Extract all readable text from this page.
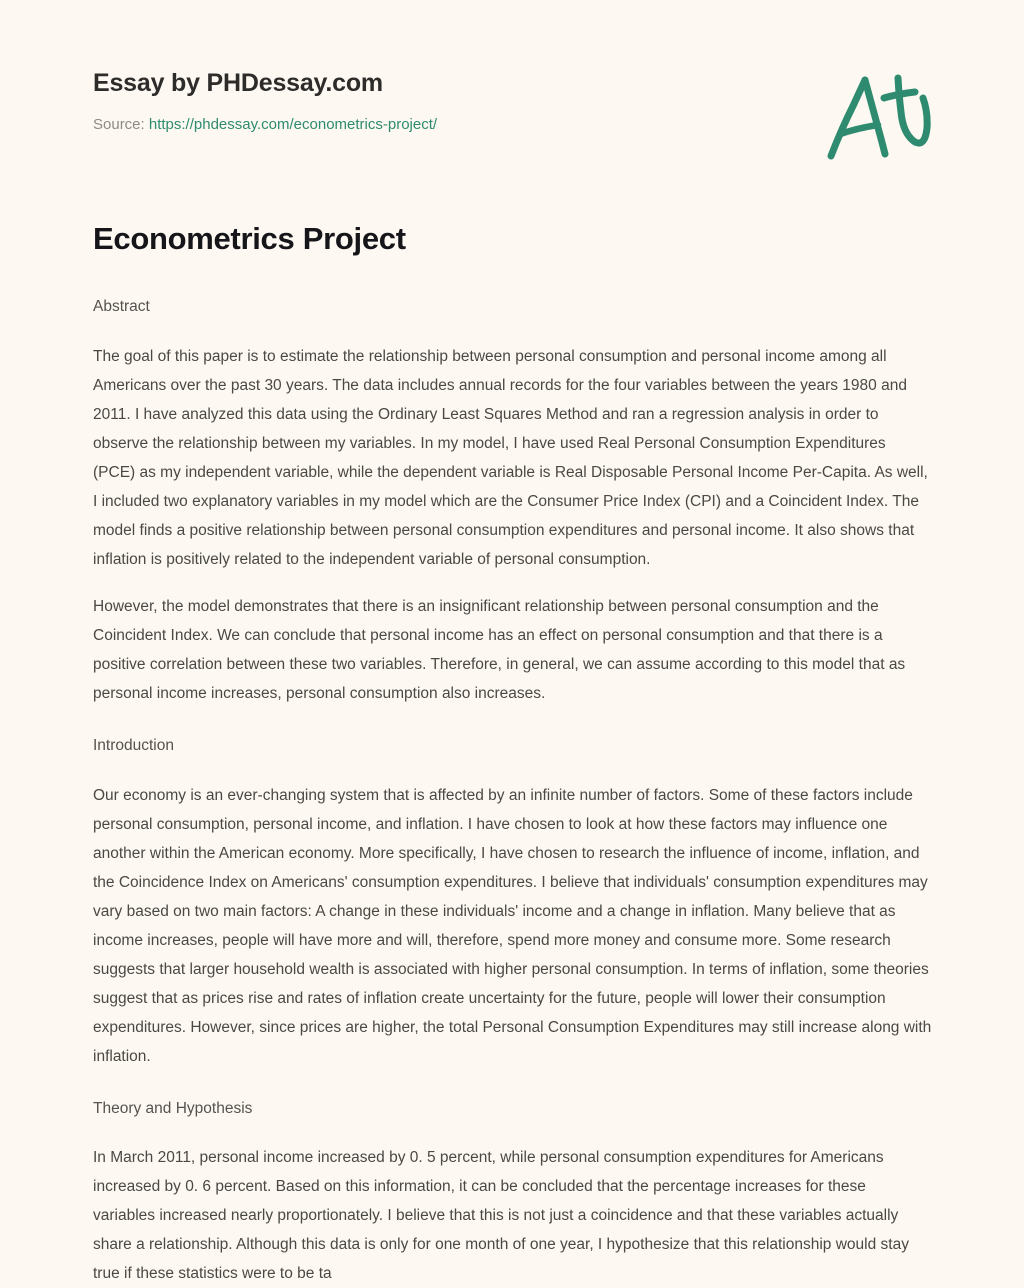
Essay by PHDessay.com
Source: https://phdessay.com/econometrics-project/
Econometrics Project
Abstract

The goal of this paper is to estimate the relationship between personal consumption and personal income among all Americans over the past 30 years. The data includes annual records for the four variables between the years 1980 and 2011. I have analyzed this data using the Ordinary Least Squares Method and ran a regression analysis in order to observe the relationship between my variables. In my model, I have used Real Personal Consumption Expenditures (PCE) as my independent variable, while the dependent variable is Real Disposable Personal Income Per-Capita. As well, I included two explanatory variables in my model which are the Consumer Price Index (CPI) and a Coincident Index. The model finds a positive relationship between personal consumption expenditures and personal income. It also shows that inflation is positively related to the independent variable of personal consumption.

However, the model demonstrates that there is an insignificant relationship between personal consumption and the Coincident Index. We can conclude that personal income has an effect on personal consumption and that there is a positive correlation between these two variables. Therefore, in general, we can assume according to this model that as personal income increases, personal consumption also increases.

Introduction

Our economy is an ever-changing system that is affected by an infinite number of factors. Some of these factors include personal consumption, personal income, and inflation. I have chosen to look at how these factors may influence one another within the American economy. More specifically, I have chosen to research the influence of income, inflation, and the Coincidence Index on Americans' consumption expenditures. I believe that individuals' consumption expenditures may vary based on two main factors: A change in these individuals' income and a change in inflation. Many believe that as income increases, people will have more and will, therefore, spend more money and consume more. Some research suggests that larger household wealth is associated with higher personal consumption. In terms of inflation, some theories suggest that as prices rise and rates of inflation create uncertainty for the future, people will lower their consumption expenditures. However, since prices are higher, the total Personal Consumption Expenditures may still increase along with inflation.

Theory and Hypothesis

In March 2011, personal income increased by 0. 5 percent, while personal consumption expenditures for Americans increased by 0. 6 percent. Based on this information, it can be concluded that the percentage increases for these variables increased nearly proportionately. I believe that this is not just a coincidence and that these variables actually share a relationship. Although this data is only for one month of one year, I hypothesize that this relationship would stay true if these statistics were to be ta
